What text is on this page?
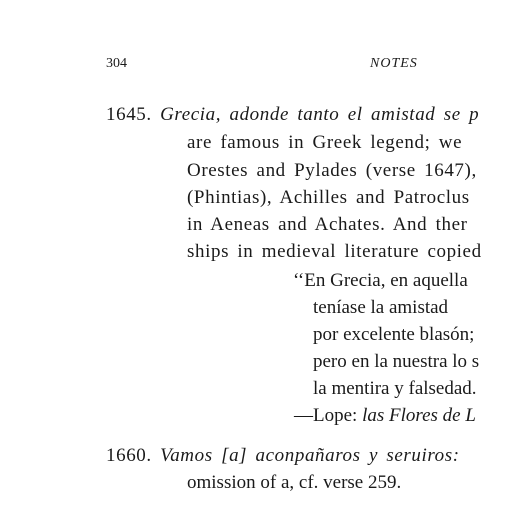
304	NOTES
1645. Grecia, adonde tanto el amistad se p
are famous in Greek legend; we
Orestes and Pylades (verse 1647),
(Phintias), Achilles and Patroclus
in Aeneas and Achates. And ther
ships in medieval literature copied
‘‘En Grecia, en aquella
teníase la amistad
por excelente blasón;
pero en la nuestra lo s
la mentira y falsedad.
—Lope: las Flores de L
1660. Vamos [a] aconpañaros y seruiros:
omission of a, cf. verse 259.
